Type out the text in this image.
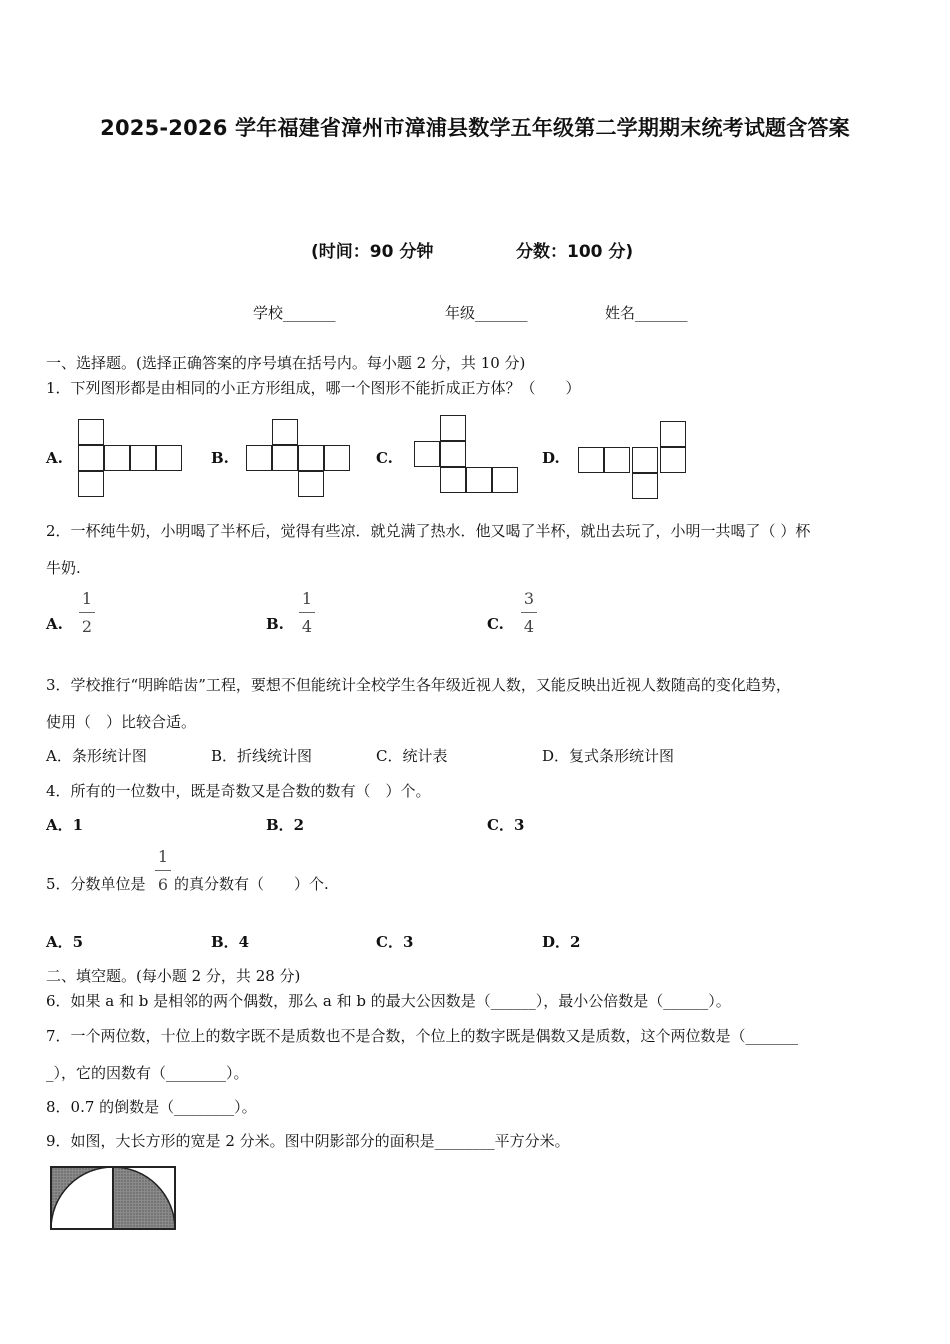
2025-2026 学年福建省漳州市漳浦县数学五年级第二学期期末统考试题含答案
(时间：90 分钟	分数：100 分)
学校_______	年级_______	姓名_______
一、选择题。(选择正确答案的序号填在括号内。每小题 2 分，共 10 分)
1．下列图形都是由相同的小正方形组成，哪一个图形不能折成正方体？（　　）
A.	B.	C.	D.
2．一杯纯牛奶，小明喝了半杯后，觉得有些凉．就兑满了热水．他又喝了半杯，就出去玩了，小明一共喝了（ ）杯
牛奶.
A.
1
2	B.
1
4	C.
3
4
3．学校推行“明眸皓齿”工程，要想不但能统计全校学生各年级近视人数，又能反映出近视人数随高的变化趋势，
使用（　）比较合适。
A．条形统计图	B．折线统计图	C．统计表	D．复式条形统计图
4．所有的一位数中，既是奇数又是合数的数有（　）个。
A．1	B．2	C．3
5．分数单位是
1
6 的真分数有（　　）个.
A．5	B．4	C．3	D．2
二、填空题。(每小题 2 分，共 28 分)
6．如果 a 和 b 是相邻的两个偶数，那么 a 和 b 的最大公因数是（______），最小公倍数是（______）。
7．一个两位数，十位上的数字既不是质数也不是合数，个位上的数字既是偶数又是质数，这个两位数是（_______
_），它的因数有（________）。
8．0.7 的倒数是（________）。
9．如图，大长方形的宽是 2 分米。图中阴影部分的面积是________平方分米。
